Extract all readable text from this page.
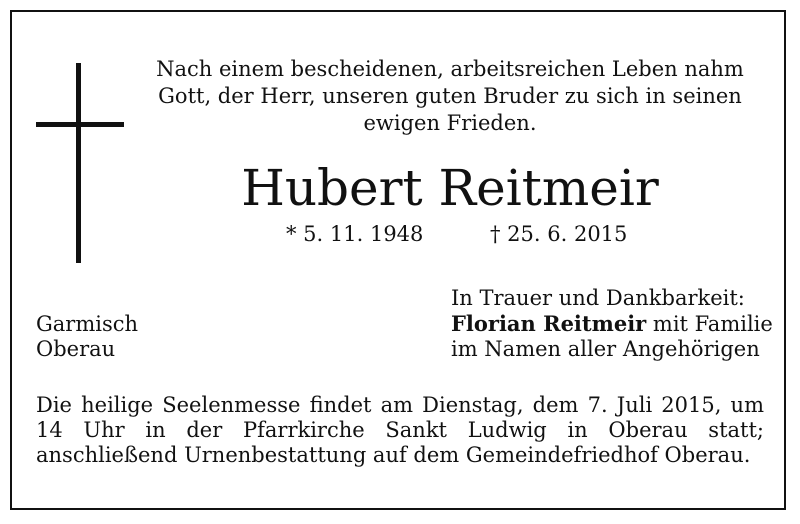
Nach einem bescheidenen, arbeitsreichen Leben nahm
Gott, der Herr, unseren guten Bruder zu sich in seinen
ewigen Frieden.
Hubert Reitmeir
* 5. 11. 1948	† 25. 6. 2015
Garmisch
Oberau
In Trauer und Dankbarkeit:
Florian Reitmeir mit Familie
im Namen aller Angehörigen
Die heilige Seelenmesse findet am Dienstag, dem 7. Juli 2015, um
14 Uhr in der Pfarrkirche Sankt Ludwig in Oberau statt;
anschließend Urnenbestattung auf dem Gemeindefriedhof Oberau.
